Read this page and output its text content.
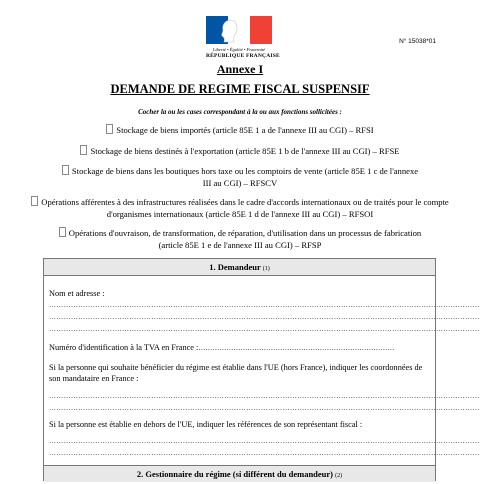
Liberté • Égalité • Fraternité
RÉPUBLIQUE FRANÇAISE
N° 15038*01
Annexe I
DEMANDE DE REGIME FISCAL SUSPENSIF
Cocher la ou les cases correspondant à la ou aux fonctions sollicitées :
Stockage de biens importés (article 85E 1 a de l'annexe III au CGI) – RFSI
Stockage de biens destinés à l'exportation (article 85E 1 b de l'annexe III au CGI) – RFSE
Stockage de biens dans les boutiques hors taxe ou les comptoirs de vente (article 85E 1 c de l'annexe III au CGI) – RFSCV
Opérations afférentes à des infrastructures réalisées dans le cadre d'accords internationaux ou de traités pour le compte d'organismes internationaux (article 85E 1 d de l'annexe III au CGI) – RFSOI
Opérations d'ouvraison, de transformation, de réparation, d'utilisation dans un processus de fabrication (article 85E 1 e de l'annexe III au CGI) – RFSP
1. Demandeur (1)
Nom et adresse :
……………………………………………………………………………………………………………………………………………………………
……………………………………………………………………………………………………………………………………………………………
……………………………………………………………………………………………………………………………………………………………
Numéro d'identification à la TVA en France :…………………………………………………………………………
Si la personne qui souhaite bénéficier du régime est établie dans l'UE (hors France), indiquer les coordonnées de son mandataire en France :
……………………………………………………………………………………………………………………………………………………………
……………………………………………………………………………………………………………………………………………………………
Si la personne est établie en dehors de l'UE, indiquer les références de son représentant fiscal :
……………………………………………………………………………………………………………………………………………………………
……………………………………………………………………………………………………………………………………………………………
2. Gestionnaire du régime (si différent du demandeur) (2)
